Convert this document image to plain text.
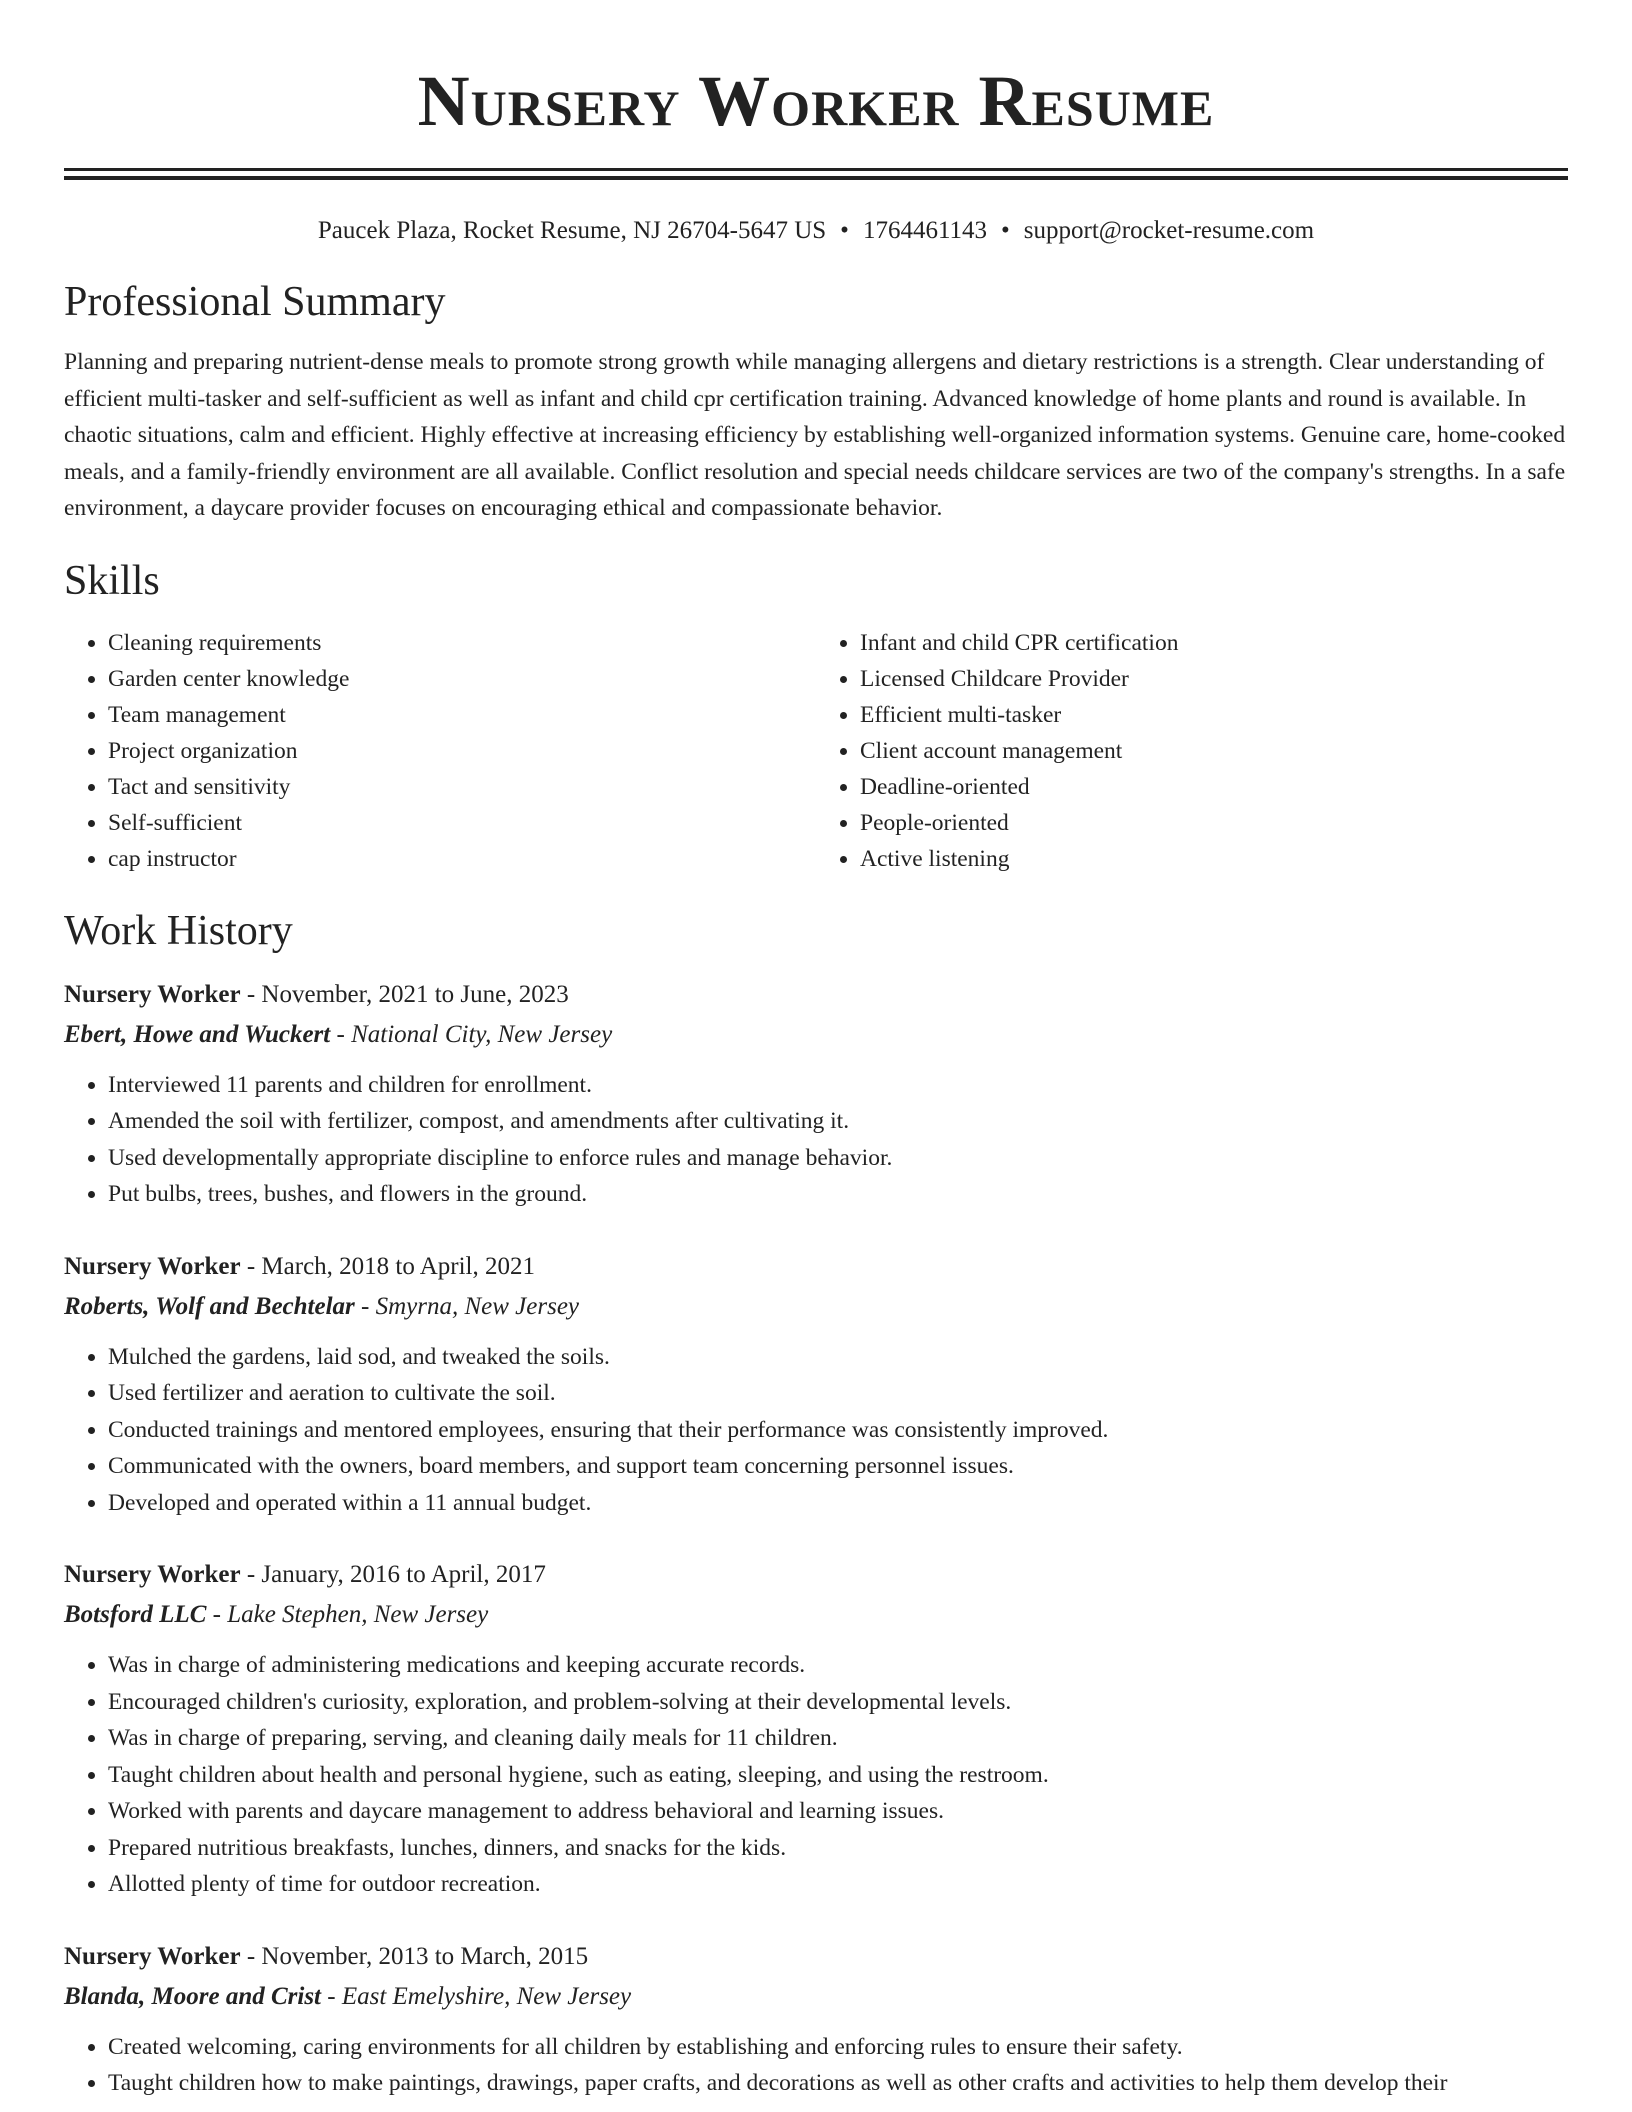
Nursery Worker Resume
Paucek Plaza, Rocket Resume, NJ 26704-5647 US • 1764461143 • support@rocket-resume.com
Professional Summary

Planning and preparing nutrient-dense meals to promote strong growth while managing allergens and dietary restrictions is a strength. Clear understanding of efficient multi-tasker and self-sufficient as well as infant and child cpr certification training. Advanced knowledge of home plants and round is available. In chaotic situations, calm and efficient. Highly effective at increasing efficiency by establishing well-organized information systems. Genuine care, home-cooked meals, and a family-friendly environment are all available. Conflict resolution and special needs childcare services are two of the company's strengths. In a safe environment, a daycare provider focuses on encouraging ethical and compassionate behavior.

Skills
• Cleaning requirements
• Garden center knowledge
• Team management
• Project organization
• Tact and sensitivity
• Self-sufficient
• cap instructor
• Infant and child CPR certification
• Licensed Childcare Provider
• Efficient multi-tasker
• Client account management
• Deadline-oriented
• People-oriented
• Active listening
Work History
Nursery Worker - November, 2021 to June, 2023
Ebert, Howe and Wuckert - National City, New Jersey
• Interviewed 11 parents and children for enrollment.
• Amended the soil with fertilizer, compost, and amendments after cultivating it.
• Used developmentally appropriate discipline to enforce rules and manage behavior.
• Put bulbs, trees, bushes, and flowers in the ground.
Nursery Worker - March, 2018 to April, 2021
Roberts, Wolf and Bechtelar - Smyrna, New Jersey
• Mulched the gardens, laid sod, and tweaked the soils.
• Used fertilizer and aeration to cultivate the soil.
• Conducted trainings and mentored employees, ensuring that their performance was consistently improved.
• Communicated with the owners, board members, and support team concerning personnel issues.
• Developed and operated within a 11 annual budget.
Nursery Worker - January, 2016 to April, 2017
Botsford LLC - Lake Stephen, New Jersey
• Was in charge of administering medications and keeping accurate records.
• Encouraged children's curiosity, exploration, and problem-solving at their developmental levels.
• Was in charge of preparing, serving, and cleaning daily meals for 11 children.
• Taught children about health and personal hygiene, such as eating, sleeping, and using the restroom.
• Worked with parents and daycare management to address behavioral and learning issues.
• Prepared nutritious breakfasts, lunches, dinners, and snacks for the kids.
• Allotted plenty of time for outdoor recreation.
Nursery Worker - November, 2013 to March, 2015
Blanda, Moore and Crist - East Emelyshire, New Jersey
• Created welcoming, caring environments for all children by establishing and enforcing rules to ensure their safety.
• Taught children how to make paintings, drawings, paper crafts, and decorations as well as other crafts and activities to help them develop their
